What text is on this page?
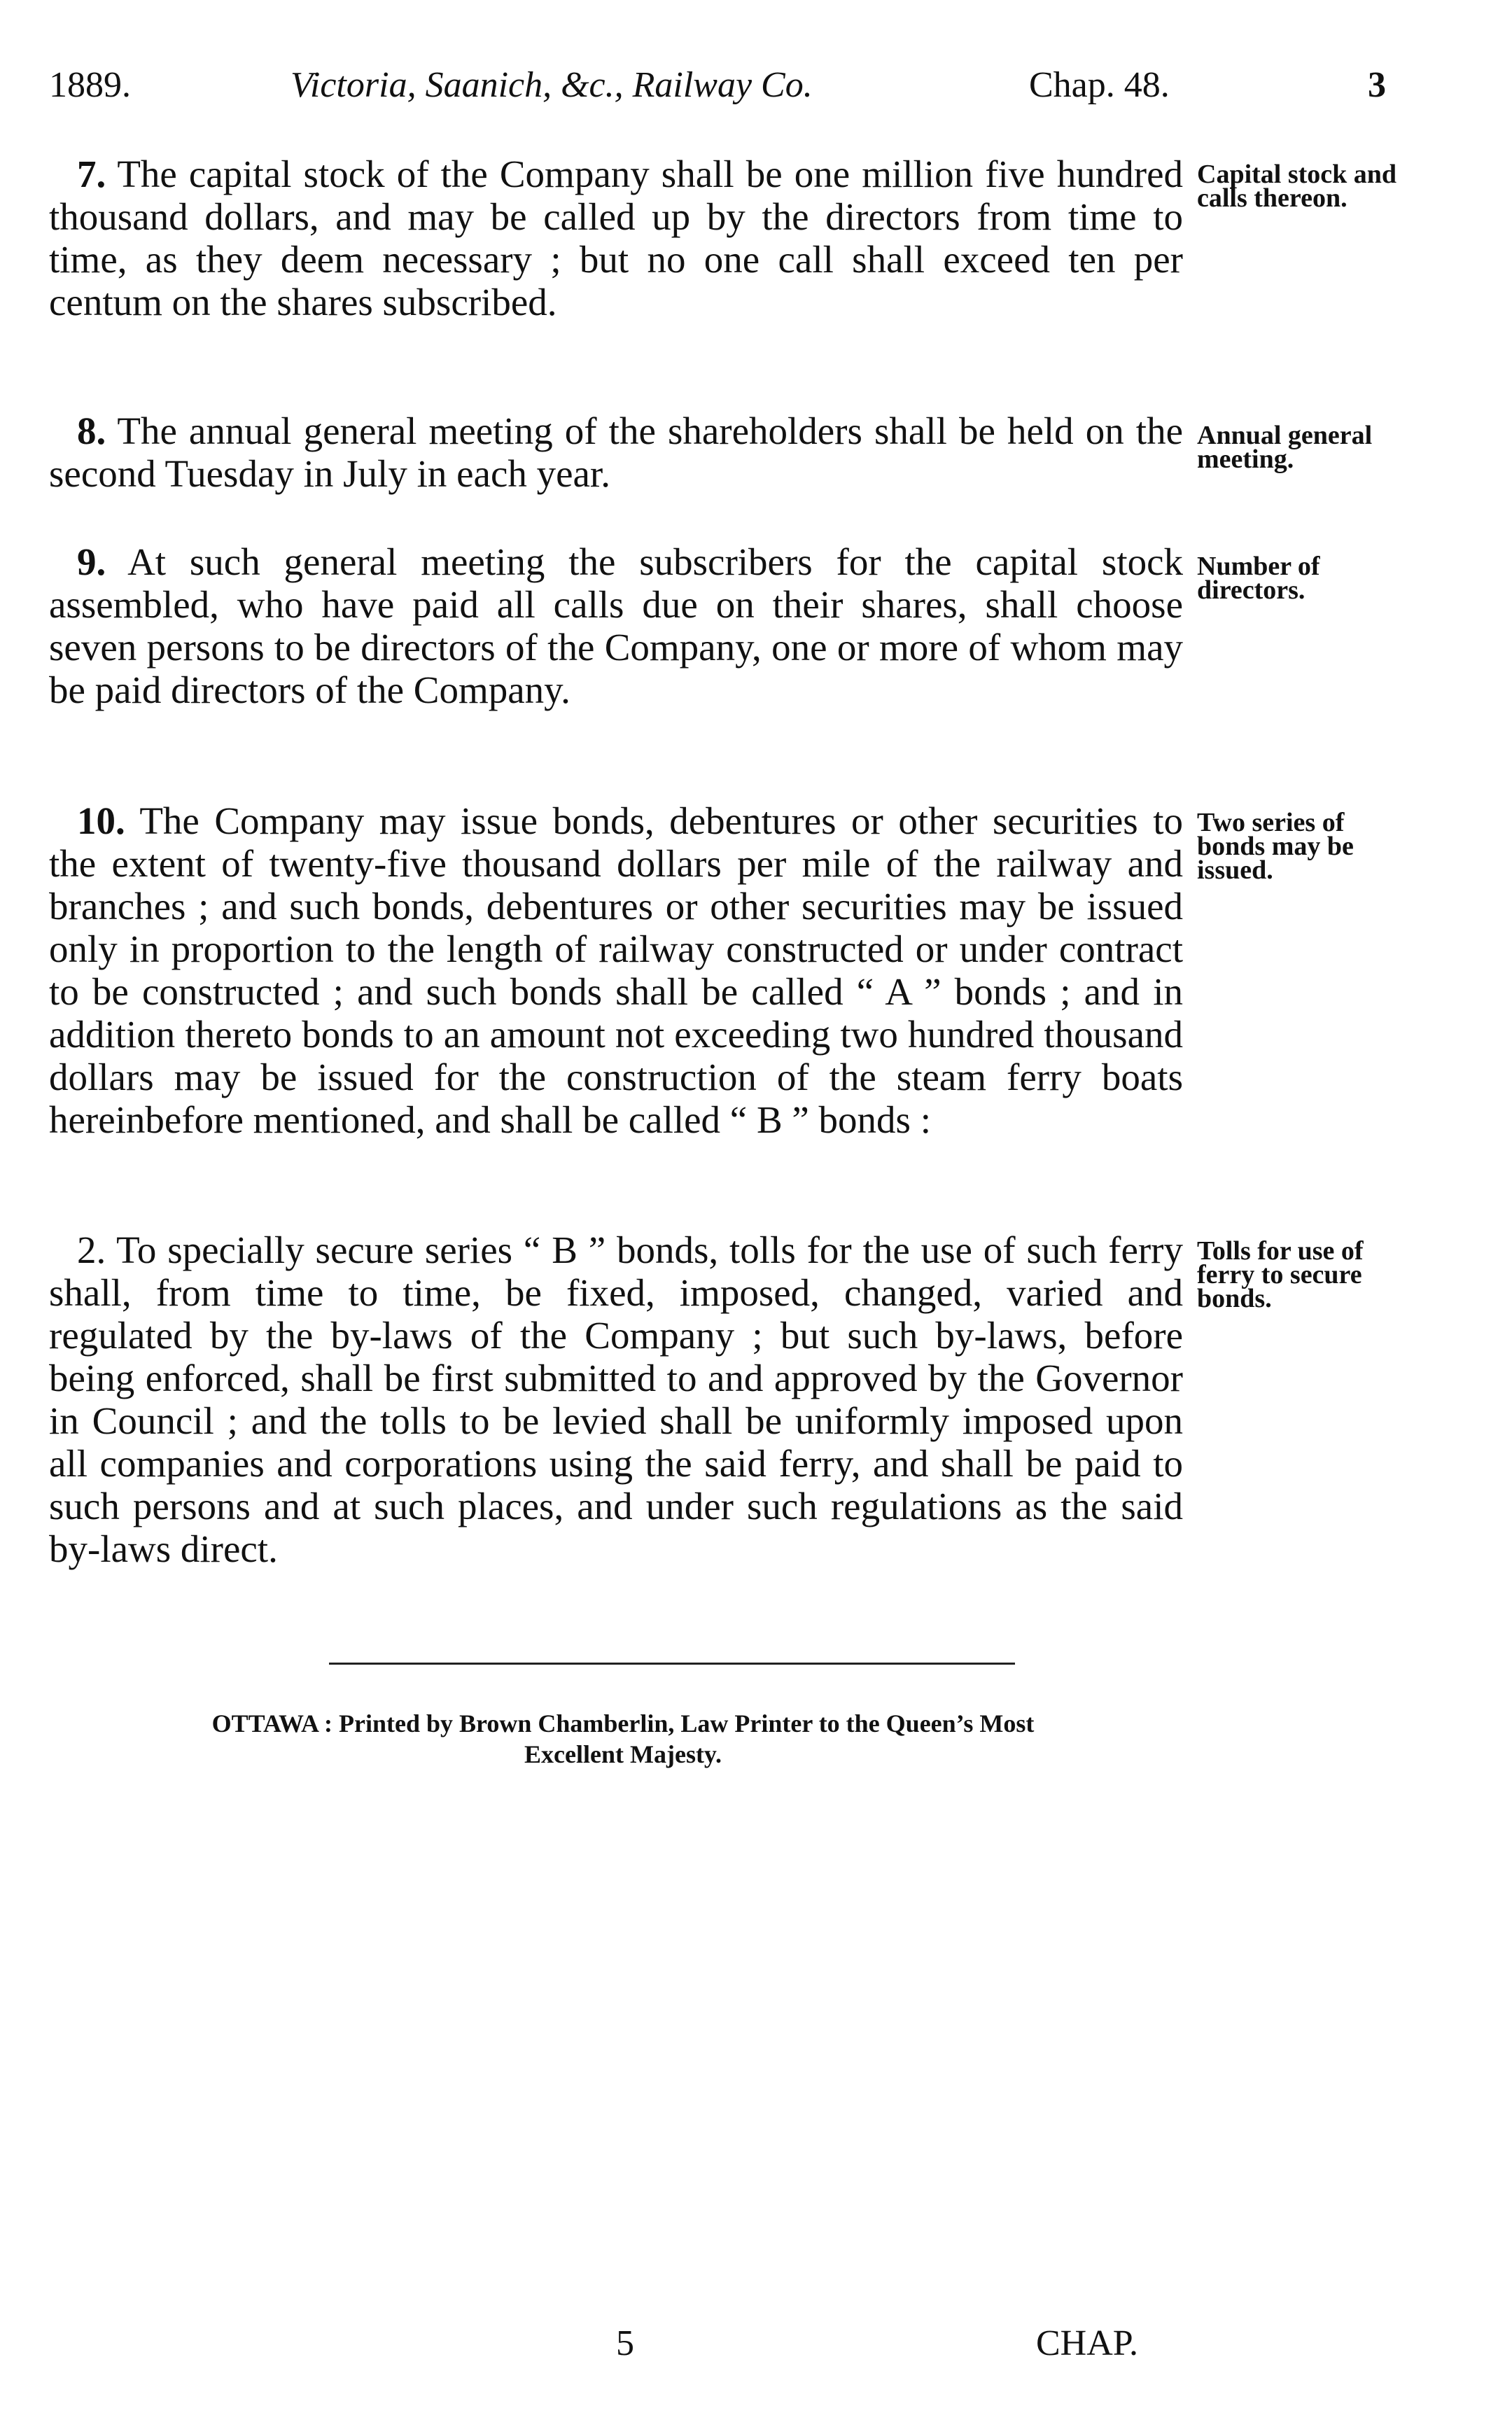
1889.	Victoria, Saanich, &c., Railway Co.	Chap. 48.	3

7. The capital stock of the Company shall be one million five hundred thousand dollars, and may be called up by the directors from time to time, as they deem necessary ; but no one call shall exceed ten per centum on the shares subscribed.

Capital stock and calls thereon.

8. The annual general meeting of the shareholders shall be held on the second Tuesday in July in each year.

Annual general meeting.

9. At such general meeting the subscribers for the capital stock assembled, who have paid all calls due on their shares, shall choose seven persons to be directors of the Company, one or more of whom may be paid directors of the Company.

Number of directors.

10. The Company may issue bonds, debentures or other securities to the extent of twenty-five thousand dollars per mile of the railway and branches ; and such bonds, debentures or other securities may be issued only in proportion to the length of railway constructed or under contract to be constructed ; and such bonds shall be called “ A ” bonds ; and in addition thereto bonds to an amount not exceeding two hundred thousand dollars may be issued for the construction of the steam ferry boats hereinbefore mentioned, and shall be called “ B ” bonds :

Two series of bonds may be issued.

2. To specially secure series “ B ” bonds, tolls for the use of such ferry shall, from time to time, be fixed, imposed, changed, varied and regulated by the by-laws of the Company ; but such by-laws, before being enforced, shall be first submitted to and approved by the Governor in Council ; and the tolls to be levied shall be uniformly imposed upon all companies and corporations using the said ferry, and shall be paid to such persons and at such places, and under such regulations as the said by-laws direct.

Tolls for use of ferry to secure bonds.
OTTAWA : Printed by Brown Chamberlin, Law Printer to the Queen’s Most
Excellent Majesty.
5	CHAP.
